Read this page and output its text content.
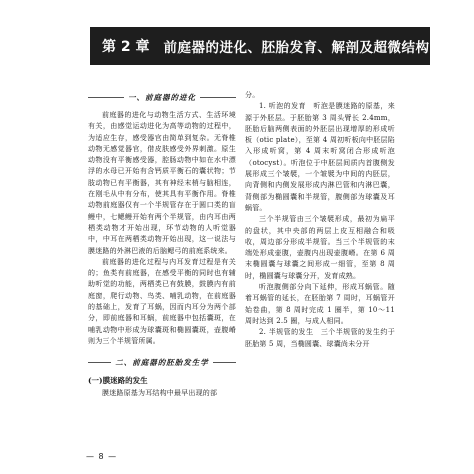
第 2 章 前庭器的进化、胚胎发育、解剖及超微结构
一、前庭器的进化

前庭器的进化与动物生活方式、生活环境有关，由感觉运动进化为高等动物的过程中，为适应生存，感受器官由简单到复杂。无脊椎动物无感觉器官，借皮肤感受外界刺激。原生动物没有平衡感受器，腔肠动物中如在水中漂浮的水母已开始有含钙质平衡石的囊状物；节肢动物已有平衡器，其有神经末梢与脑相连，在刚毛从中有分布，使其具有平衡作用。脊椎动物前庭器仅有一个半规管存在于圆口类的盲鳗中，七鳃鳗开始有两个半规管，由内耳由两栖类动物才开始出现，环节动物的人听觉器中，中耳在两栖类动物开始出现，这一说法与膜迷路的外淋巴液的后脑鳃弓的前庭系统来。

前庭器的进化过程与内耳发育过程是有关的；鱼类有前庭器，在感受平衡的同时也有辅助听觉的功能，两栖类已有鼓膜，鼓膜内有前庭窗，爬行动物、鸟类、哺乳动物，在前庭器的基础上，发育了耳蜗，因而内耳分为两个部分，即前庭器和耳蜗，前庭器中包括囊斑，在哺乳动物中形成为球囊斑和椭圆囊斑，壶腹嵴则为三个半规管所属。

二、前庭器的胚胎发生学
(一)膜迷路的发生

膜迷路原基为耳结构中最早出现的部

分。

1. 听泡的发育　听泡是膜迷路的原基，来源于外胚层。于胚胎第 3 周头臂长 2.4mm，胚胎后脑两侧表面的外胚层出现增厚的形成听板（otic plate），至第 4 周初听板向中胚层陷入形成听窝，第 4 周末听窝闭合形成听泡（otocyst）。听泡位于中胚层间质内首腹侧发展形成三个皱襞，一个皱襞为中间的内胚层，向背侧和内侧发展形成内淋巴管和内淋巴囊，背侧部为椭圆囊和半规管，腹侧部为球囊及耳蜗管。

三个半规管由三个皱襞形成，最初为扁平的盘状，其中央部的两层上皮互相融合和吸收，周边部分形成半规管。当三个半规管的末端处形成壶腹，壶腹内出现壶腹嵴。在第 6 周末椭圆囊与球囊之间形成一细管，至第 8 周时，椭圆囊与球囊分开，发育成熟。

听泡腹侧部分向下延伸，形成耳蜗管。随着耳蜗管的延长，在胚胎第 7 周时，耳蜗管开始卷曲，第 8 周时完成 1 圈半，第 10～11 周时达到 2.5 圈，与成人相同。

2. 半规管的发生　三个半规管的发生约于胚胎第 5 周，当椭圆囊、球囊尚未分开

— 8 —
